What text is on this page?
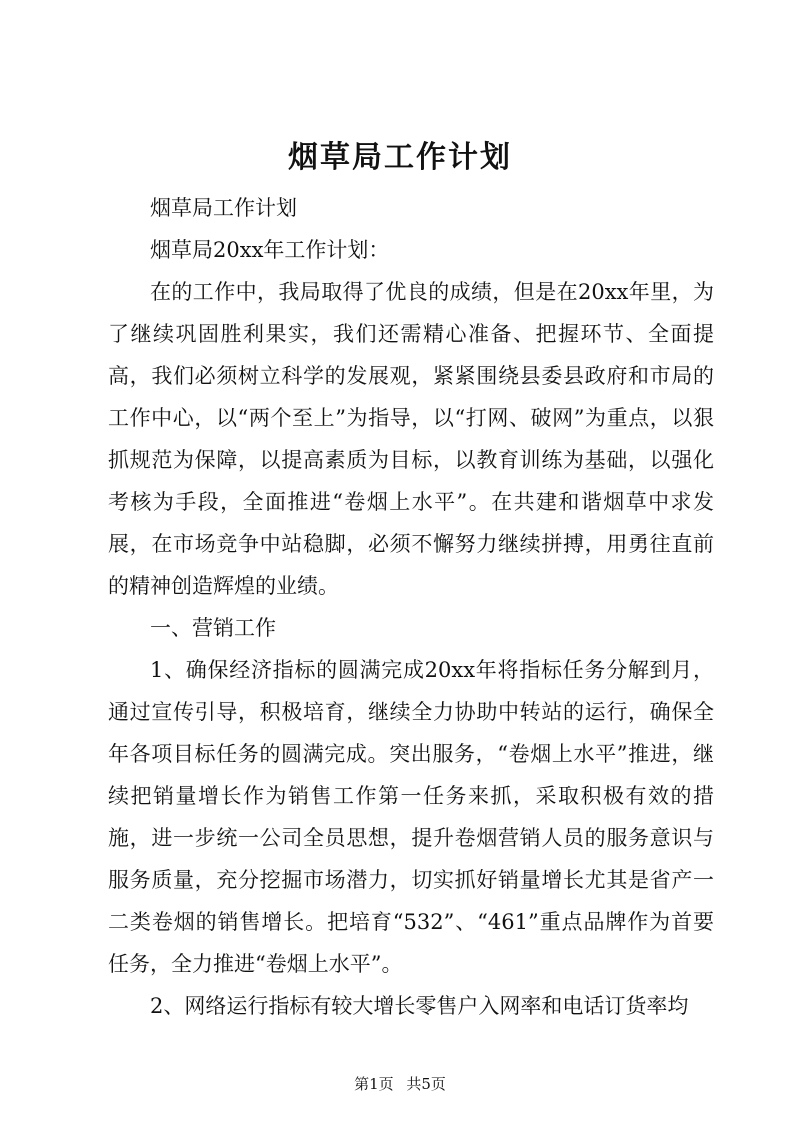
烟草局工作计划

烟草局工作计划

烟草局20xx年工作计划：

在的工作中，我局取得了优良的成绩，但是在20xx年里，为了继续巩固胜利果实，我们还需精心准备、把握环节、全面提高，我们必须树立科学的发展观，紧紧围绕县委县政府和市局的工作中心，以“两个至上”为指导，以“打网、破网”为重点，以狠抓规范为保障，以提高素质为目标，以教育训练为基础，以强化考核为手段，全面推进“卷烟上水平”。在共建和谐烟草中求发展，在市场竞争中站稳脚，必须不懈努力继续拼搏，用勇往直前的精神创造辉煌的业绩。

一、营销工作

1、确保经济指标的圆满完成20xx年将指标任务分解到月，通过宣传引导，积极培育，继续全力协助中转站的运行，确保全年各项目标任务的圆满完成。突出服务，“卷烟上水平”推进，继续把销量增长作为销售工作第一任务来抓，采取积极有效的措施，进一步统一公司全员思想，提升卷烟营销人员的服务意识与服务质量，充分挖掘市场潜力，切实抓好销量增长尤其是省产一二类卷烟的销售增长。把培育“532”、“461”重点品牌作为首要任务，全力推进“卷烟上水平”。

2、网络运行指标有较大增长零售户入网率和电话订货率均

第1页 共5页
